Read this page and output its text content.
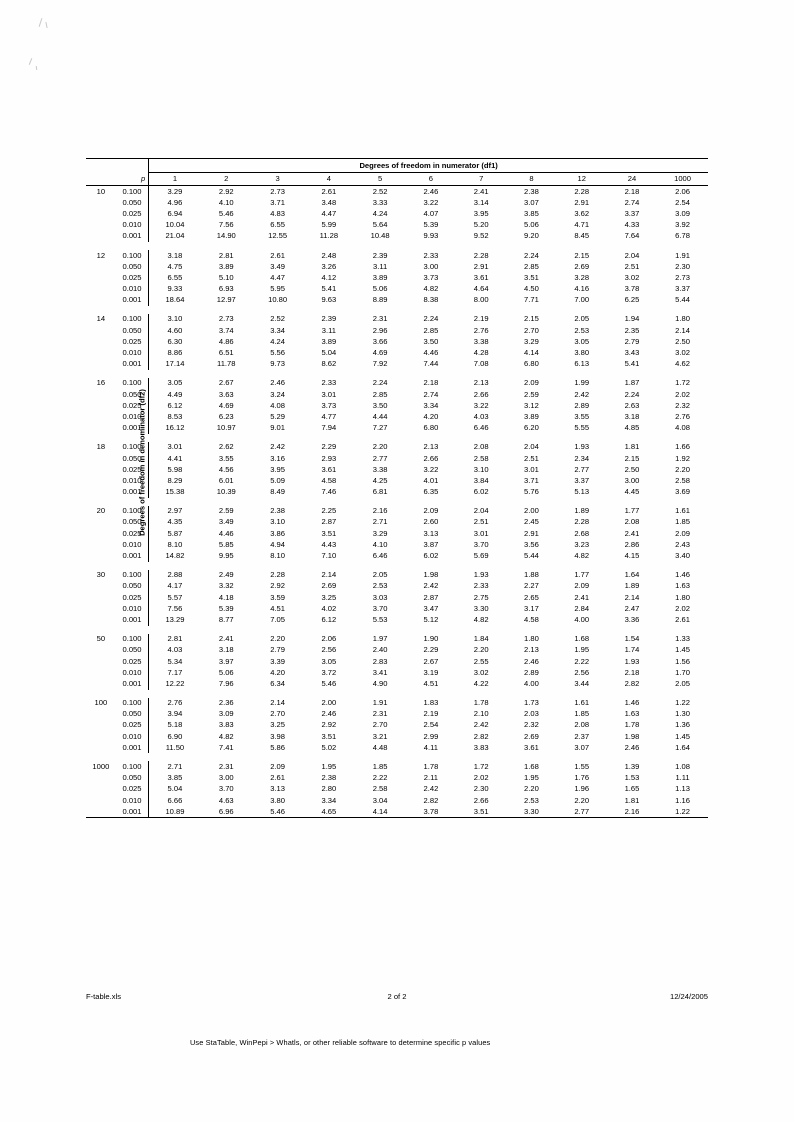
Degrees of freedom in denominator (df2)

		Degrees of freedom in numerator (df1)										
	p	1	2	3	4	5	6	7	8	12	24	1000
10	0.100	3.29	2.92	2.73	2.61	2.52	2.46	2.41	2.38	2.28	2.18	2.06
	0.050	4.96	4.10	3.71	3.48	3.33	3.22	3.14	3.07	2.91	2.74	2.54
	0.025	6.94	5.46	4.83	4.47	4.24	4.07	3.95	3.85	3.62	3.37	3.09
	0.010	10.04	7.56	6.55	5.99	5.64	5.39	5.20	5.06	4.71	4.33	3.92
	0.001	21.04	14.90	12.55	11.28	10.48	9.93	9.52	9.20	8.45	7.64	6.78

12	0.100	3.18	2.81	2.61	2.48	2.39	2.33	2.28	2.24	2.15	2.04	1.91
	0.050	4.75	3.89	3.49	3.26	3.11	3.00	2.91	2.85	2.69	2.51	2.30
	0.025	6.55	5.10	4.47	4.12	3.89	3.73	3.61	3.51	3.28	3.02	2.73
	0.010	9.33	6.93	5.95	5.41	5.06	4.82	4.64	4.50	4.16	3.78	3.37
	0.001	18.64	12.97	10.80	9.63	8.89	8.38	8.00	7.71	7.00	6.25	5.44

14	0.100	3.10	2.73	2.52	2.39	2.31	2.24	2.19	2.15	2.05	1.94	1.80
	0.050	4.60	3.74	3.34	3.11	2.96	2.85	2.76	2.70	2.53	2.35	2.14
	0.025	6.30	4.86	4.24	3.89	3.66	3.50	3.38	3.29	3.05	2.79	2.50
	0.010	8.86	6.51	5.56	5.04	4.69	4.46	4.28	4.14	3.80	3.43	3.02
	0.001	17.14	11.78	9.73	8.62	7.92	7.44	7.08	6.80	6.13	5.41	4.62

16	0.100	3.05	2.67	2.46	2.33	2.24	2.18	2.13	2.09	1.99	1.87	1.72
	0.050	4.49	3.63	3.24	3.01	2.85	2.74	2.66	2.59	2.42	2.24	2.02
	0.025	6.12	4.69	4.08	3.73	3.50	3.34	3.22	3.12	2.89	2.63	2.32
	0.010	8.53	6.23	5.29	4.77	4.44	4.20	4.03	3.89	3.55	3.18	2.76
	0.001	16.12	10.97	9.01	7.94	7.27	6.80	6.46	6.20	5.55	4.85	4.08

18	0.100	3.01	2.62	2.42	2.29	2.20	2.13	2.08	2.04	1.93	1.81	1.66
	0.050	4.41	3.55	3.16	2.93	2.77	2.66	2.58	2.51	2.34	2.15	1.92
	0.025	5.98	4.56	3.95	3.61	3.38	3.22	3.10	3.01	2.77	2.50	2.20
	0.010	8.29	6.01	5.09	4.58	4.25	4.01	3.84	3.71	3.37	3.00	2.58
	0.001	15.38	10.39	8.49	7.46	6.81	6.35	6.02	5.76	5.13	4.45	3.69

20	0.100	2.97	2.59	2.38	2.25	2.16	2.09	2.04	2.00	1.89	1.77	1.61
	0.050	4.35	3.49	3.10	2.87	2.71	2.60	2.51	2.45	2.28	2.08	1.85
	0.025	5.87	4.46	3.86	3.51	3.29	3.13	3.01	2.91	2.68	2.41	2.09
	0.010	8.10	5.85	4.94	4.43	4.10	3.87	3.70	3.56	3.23	2.86	2.43
	0.001	14.82	9.95	8.10	7.10	6.46	6.02	5.69	5.44	4.82	4.15	3.40

30	0.100	2.88	2.49	2.28	2.14	2.05	1.98	1.93	1.88	1.77	1.64	1.46
	0.050	4.17	3.32	2.92	2.69	2.53	2.42	2.33	2.27	2.09	1.89	1.63
	0.025	5.57	4.18	3.59	3.25	3.03	2.87	2.75	2.65	2.41	2.14	1.80
	0.010	7.56	5.39	4.51	4.02	3.70	3.47	3.30	3.17	2.84	2.47	2.02
	0.001	13.29	8.77	7.05	6.12	5.53	5.12	4.82	4.58	4.00	3.36	2.61

50	0.100	2.81	2.41	2.20	2.06	1.97	1.90	1.84	1.80	1.68	1.54	1.33
	0.050	4.03	3.18	2.79	2.56	2.40	2.29	2.20	2.13	1.95	1.74	1.45
	0.025	5.34	3.97	3.39	3.05	2.83	2.67	2.55	2.46	2.22	1.93	1.56
	0.010	7.17	5.06	4.20	3.72	3.41	3.19	3.02	2.89	2.56	2.18	1.70
	0.001	12.22	7.96	6.34	5.46	4.90	4.51	4.22	4.00	3.44	2.82	2.05

100	0.100	2.76	2.36	2.14	2.00	1.91	1.83	1.78	1.73	1.61	1.46	1.22
	0.050	3.94	3.09	2.70	2.46	2.31	2.19	2.10	2.03	1.85	1.63	1.30
	0.025	5.18	3.83	3.25	2.92	2.70	2.54	2.42	2.32	2.08	1.78	1.36
	0.010	6.90	4.82	3.98	3.51	3.21	2.99	2.82	2.69	2.37	1.98	1.45
	0.001	11.50	7.41	5.86	5.02	4.48	4.11	3.83	3.61	3.07	2.46	1.64

1000	0.100	2.71	2.31	2.09	1.95	1.85	1.78	1.72	1.68	1.55	1.39	1.08
	0.050	3.85	3.00	2.61	2.38	2.22	2.11	2.02	1.95	1.76	1.53	1.11
	0.025	5.04	3.70	3.13	2.80	2.58	2.42	2.30	2.20	1.96	1.65	1.13
	0.010	6.66	4.63	3.80	3.34	3.04	2.82	2.66	2.53	2.20	1.81	1.16
	0.001	10.89	6.96	5.46	4.65	4.14	3.78	3.51	3.30	2.77	2.16	1.22

Use StaTable, WinPepi > Whatls, or other reliable software to determine specific p values
F-table.xls	2 of 2	12/24/2005
